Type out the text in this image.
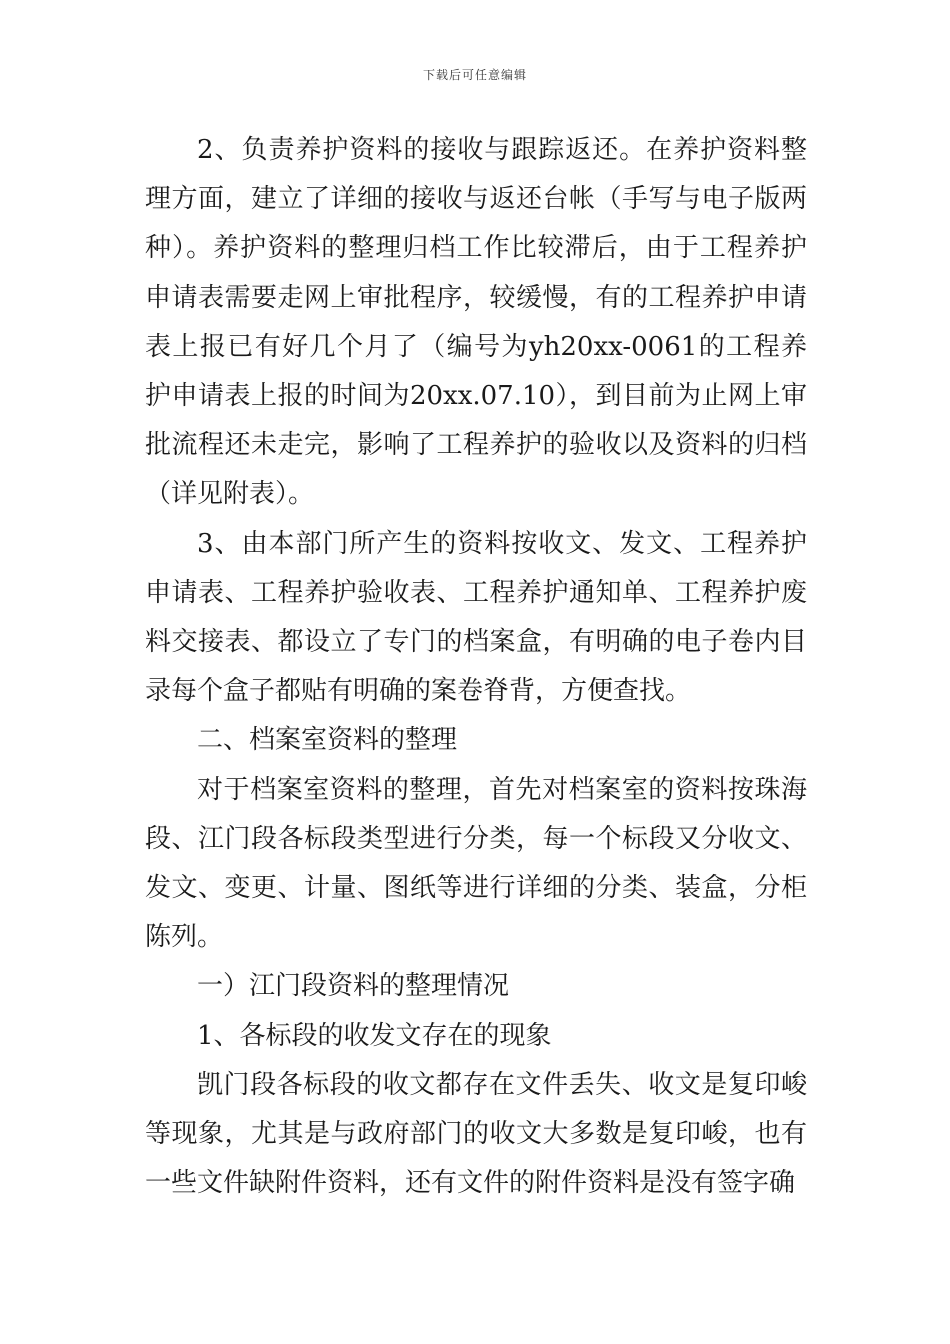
下载后可任意编辑

2、负责养护资料的接收与跟踪返还。在养护资料整理方面，建立了详细的接收与返还台帐（手写与电子版两种）。养护资料的整理归档工作比较滞后，由于工程养护申请表需要走网上审批程序，较缓慢，有的工程养护申请表上报已有好几个月了（编号为yh20xx-0061的工程养护申请表上报的时间为20xx.07.10），到目前为止网上审批流程还未走完，影响了工程养护的验收以及资料的归档（详见附表）。

3、由本部门所产生的资料按收文、发文、工程养护申请表、工程养护验收表、工程养护通知单、工程养护废料交接表、都设立了专门的档案盒，有明确的电子卷内目录每个盒子都贴有明确的案卷脊背，方便查找。

二、档案室资料的整理

对于档案室资料的整理，首先对档案室的资料按珠海段、江门段各标段类型进行分类，每一个标段又分收文、发文、变更、计量、图纸等进行详细的分类、装盒，分柜陈列。

一）江门段资料的整理情况

1、各标段的收发文存在的现象

凯门段各标段的收文都存在文件丢失、收文是复印峻等现象，尤其是与政府部门的收文大多数是复印峻，也有一些文件缺附件资料，还有文件的附件资料是没有签字确
